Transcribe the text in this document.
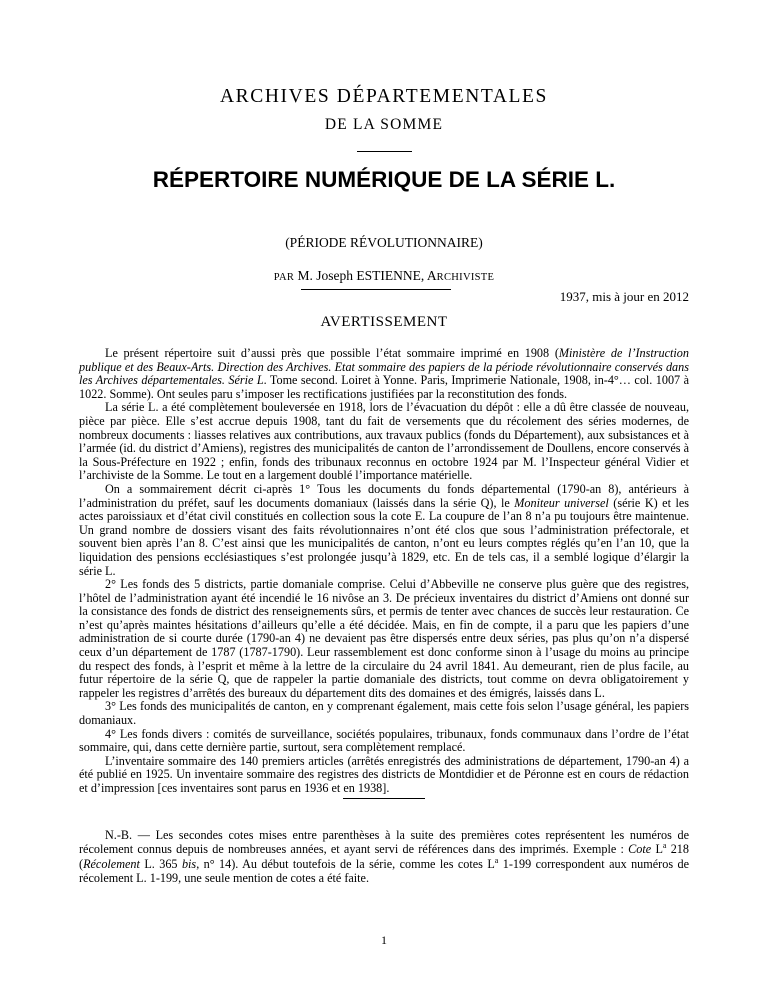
ARCHIVES DÉPARTEMENTALES
DE LA SOMME
RÉPERTOIRE NUMÉRIQUE DE LA SÉRIE L.
(PÉRIODE RÉVOLUTIONNAIRE)
PAR M. Joseph ESTIENNE, ARCHIVISTE
1937, mis à jour en 2012
AVERTISSEMENT

Le présent répertoire suit d’aussi près que possible l’état sommaire imprimé en 1908 (Ministère de l’Instruction publique et des Beaux-Arts. Direction des Archives. Etat sommaire des papiers de la période révolutionnaire conservés dans les Archives départementales. Série L. Tome second. Loiret à Yonne. Paris, Imprimerie Nationale, 1908, in-4°… col. 1007 à 1022. Somme). Ont seules paru s’imposer les rectifications justifiées par la reconstitution des fonds.

La série L. a été complètement bouleversée en 1918, lors de l’évacuation du dépôt : elle a dû être classée de nouveau, pièce par pièce. Elle s’est accrue depuis 1908, tant du fait de versements que du récolement des séries modernes, de nombreux documents : liasses relatives aux contributions, aux travaux publics (fonds du Département), aux subsistances et à l’armée (id. du district d’Amiens), registres des municipalités de canton de l’arrondissement de Doullens, encore conservés à la Sous-Préfecture en 1922 ; enfin, fonds des tribunaux reconnus en octobre 1924 par M. l’Inspecteur général Vidier et l’archiviste de la Somme. Le tout en a largement doublé l’importance matérielle.

On a sommairement décrit ci-après 1° Tous les documents du fonds départemental (1790-an 8), antérieurs à l’administration du préfet, sauf les documents domaniaux (laissés dans la série Q), le Moniteur universel (série K) et les actes paroissiaux et d’état civil constitués en collection sous la cote E. La coupure de l’an 8 n’a pu toujours être maintenue. Un grand nombre de dossiers visant des faits révolutionnaires n’ont été clos que sous l’administration préfectorale, et souvent bien après l’an 8. C’est ainsi que les municipalités de canton, n’ont eu leurs comptes réglés qu’en l’an 10, que la liquidation des pensions ecclésiastiques s’est prolongée jusqu’à 1829, etc. En de tels cas, il a semblé logique d’élargir la série L.

2° Les fonds des 5 districts, partie domaniale comprise. Celui d’Abbeville ne conserve plus guère que des registres, l’hôtel de l’administration ayant été incendié le 16 nivôse an 3. De précieux inventaires du district d’Amiens ont donné sur la consistance des fonds de district des renseignements sûrs, et permis de tenter avec chances de succès leur restauration. Ce n’est qu’après maintes hésitations d’ailleurs qu’elle a été décidée. Mais, en fin de compte, il a paru que les papiers d’une administration de si courte durée (1790-an 4) ne devaient pas être dispersés entre deux séries, pas plus qu’on n’a dispersé ceux d’un département de 1787 (1787-1790). Leur rassemblement est donc conforme sinon à l’usage du moins au principe du respect des fonds, à l’esprit et même à la lettre de la circulaire du 24 avril 1841. Au demeurant, rien de plus facile, au futur répertoire de la série Q, que de rappeler la partie domaniale des districts, tout comme on devra obligatoirement y rappeler les registres d’arrêtés des bureaux du département dits des domaines et des émigrés, laissés dans L.

3° Les fonds des municipalités de canton, en y comprenant également, mais cette fois selon l’usage général, les papiers domaniaux.

4° Les fonds divers : comités de surveillance, sociétés populaires, tribunaux, fonds communaux dans l’ordre de l’état sommaire, qui, dans cette dernière partie, surtout, sera complètement remplacé.

L’inventaire sommaire des 140 premiers articles (arrêtés enregistrés des administrations de département, 1790-an 4) a été publié en 1925. Un inventaire sommaire des registres des districts de Montdidier et de Péronne est en cours de rédaction et d’impression [ces inventaires sont parus en 1936 et en 1938].

N.-B. — Les secondes cotes mises entre parenthèses à la suite des premières cotes représentent les numéros de récolement connus depuis de nombreuses années, et ayant servi de références dans des imprimés. Exemple : Cote $L^a$ 218 (Récolement L. 365 bis, n° 14). Au début toutefois de la série, comme les cotes $L^a$ 1-199 correspondent aux numéros de récolement L. 1-199, une seule mention de cotes a été faite.

1
